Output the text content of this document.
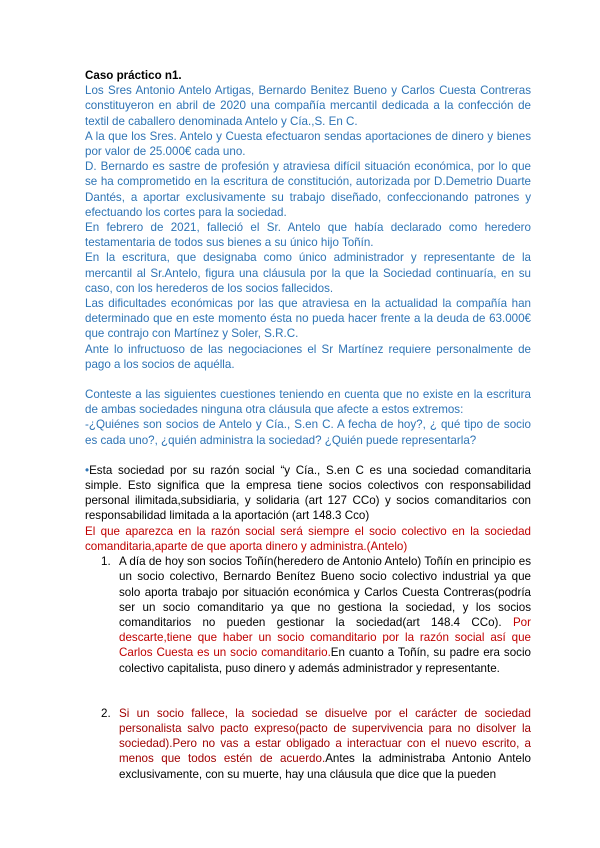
Caso práctico n1.

Los Sres Antonio Antelo Artigas, Bernardo Benitez Bueno y Carlos Cuesta Contreras constituyeron en abril de 2020 una compañía mercantil dedicada a la confección de textil de caballero denominada Antelo y Cía.,S. En C.

A la que los Sres. Antelo y Cuesta efectuaron sendas aportaciones de dinero y bienes por valor de 25.000€ cada uno.

D. Bernardo es sastre de profesión y atraviesa difícil situación económica, por lo que se ha comprometido en la escritura de constitución, autorizada por D.Demetrio Duarte Dantés, a aportar exclusivamente su trabajo diseñado, confeccionando patrones y efectuando los cortes para la sociedad.

En febrero de 2021, falleció el Sr. Antelo que había declarado como heredero testamentaria de todos sus bienes a su único hijo Toñín.

En la escritura, que designaba como único administrador y representante de la mercantil al Sr.Antelo, figura una cláusula por la que la Sociedad continuaría, en su caso, con los herederos de los socios fallecidos.

Las dificultades económicas por las que atraviesa en la actualidad la compañía han determinado que en este momento ésta no pueda hacer frente a la deuda de 63.000€ que contrajo con Martínez y Soler, S.R.C.

Ante lo infructuoso de las negociaciones el Sr Martínez requiere personalmente de pago a los socios de aquélla.

Conteste a las siguientes cuestiones teniendo en cuenta que no existe en la escritura de ambas sociedades ninguna otra cláusula que afecte a estos extremos:

-¿Quiénes son socios de Antelo y Cía., S.en C. A fecha de hoy?, ¿ qué tipo de socio es cada uno?, ¿quién administra la sociedad? ¿Quién puede representarla?

•Esta sociedad por su razón social “y Cía., S.en C es una sociedad comanditaria simple. Esto significa que la empresa tiene socios colectivos con responsabilidad personal ilimitada,subsidiaria, y solidaria (art 127 CCo) y socios comanditarios con responsabilidad limitada a la aportación (art 148.3 Cco)

El que aparezca en la razón social será siempre el socio colectivo en la sociedad comanditaria,aparte de que aporta dinero y administra.(Antelo)

1. A día de hoy son socios Toñín(heredero de Antonio Antelo) Toñín en principio es un socio colectivo, Bernardo Benítez Bueno socio colectivo industrial ya que solo aporta trabajo por situación económica y Carlos Cuesta Contreras(podría ser un socio comanditario ya que no gestiona la sociedad, y los socios comanditarios no pueden gestionar la sociedad(art 148.4 CCo). Por descarte,tiene que haber un socio comanditario por la razón social así que Carlos Cuesta es un socio comanditario.En cuanto a Toñín, su padre era socio colectivo capitalista, puso dinero y además administrador y representante.
2. Si un socio fallece, la sociedad se disuelve por el carácter de sociedad personalista salvo pacto expreso(pacto de supervivencia para no disolver la sociedad).Pero no vas a estar obligado a interactuar con el nuevo escrito, a menos que todos estén de acuerdo.Antes la administraba Antonio Antelo exclusivamente, con su muerte, hay una cláusula que dice que la pueden
